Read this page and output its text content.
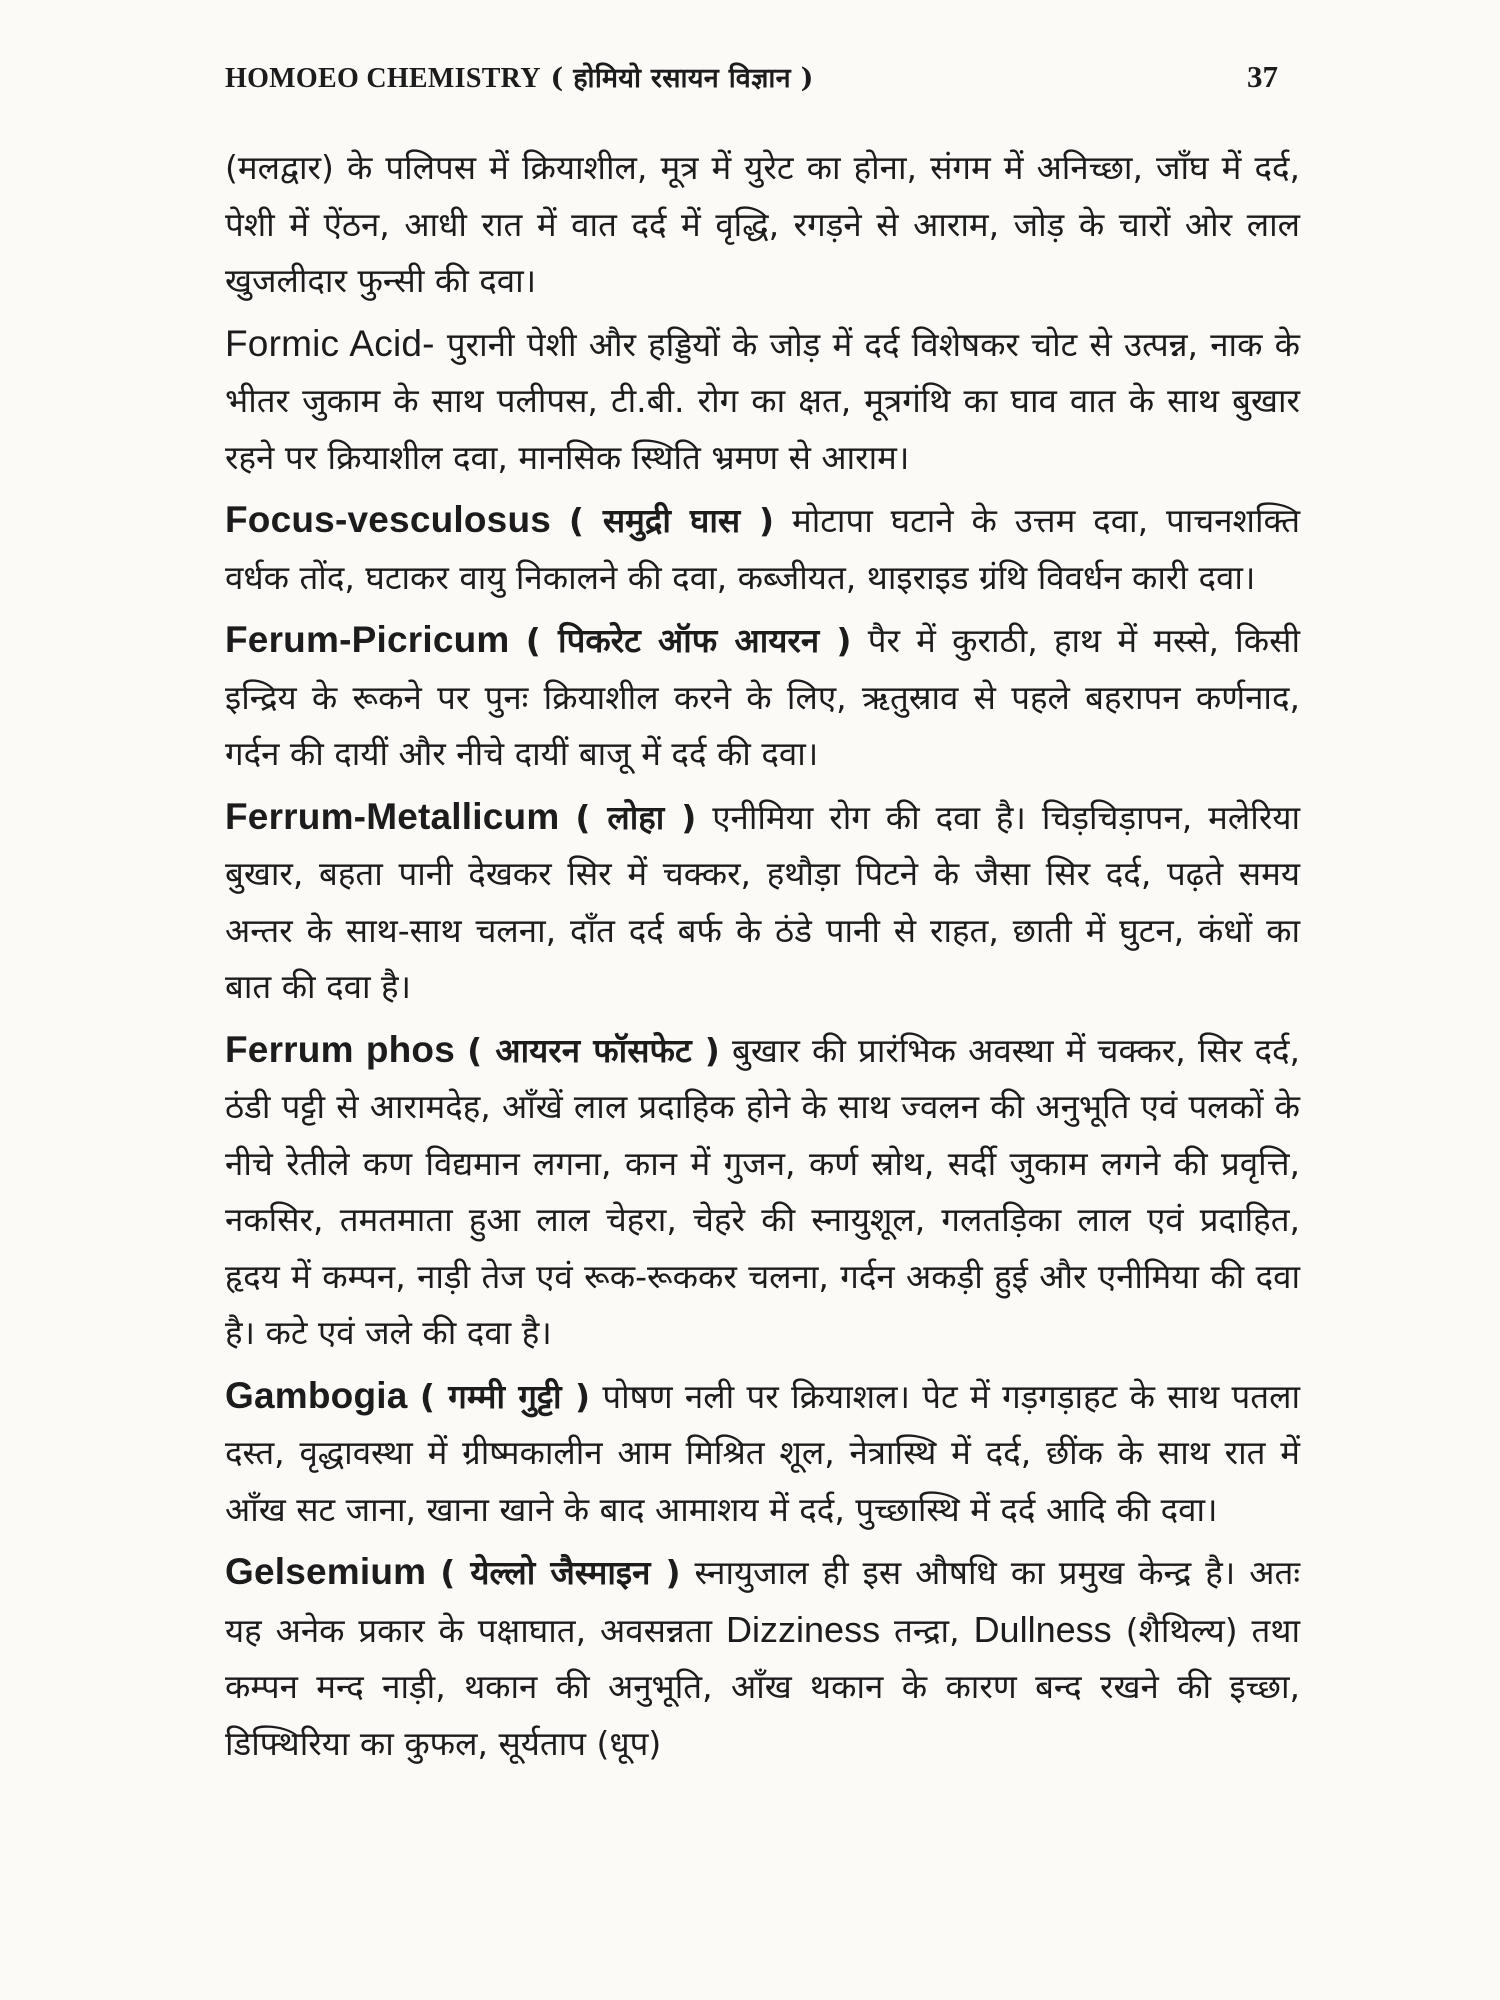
HOMOEO CHEMISTRY ( होमियो रसायन विज्ञान )	37

(मलद्वार) के पलिपस में क्रियाशील, मूत्र में युरेट का होना, संगम में अनिच्छा, जाँघ में दर्द, पेशी में ऐंठन, आधी रात में वात दर्द में वृद्धि, रगड़ने से आराम, जोड़ के चारों ओर लाल खुजलीदार फुन्सी की दवा।

Formic Acid- पुरानी पेशी और हड्डियों के जोड़ में दर्द विशेषकर चोट से उत्पन्न, नाक के भीतर जुकाम के साथ पलीपस, टी.बी. रोग का क्षत, मूत्रगंथि का घाव वात के साथ बुखार रहने पर क्रियाशील दवा, मानसिक स्थिति भ्रमण से आराम।

Focus-vesculosus ( समुद्री घास ) मोटापा घटाने के उत्तम दवा, पाचनशक्ति वर्धक तोंद, घटाकर वायु निकालने की दवा, कब्जीयत, थाइराइड ग्रंथि विवर्धन कारी दवा।

Ferum-Picricum ( पिकरेट ऑफ आयरन ) पैर में कुराठी, हाथ में मस्से, किसी इन्द्रिय के रूकने पर पुनः क्रियाशील करने के लिए, ऋतुस्राव से पहले बहरापन कर्णनाद, गर्दन की दायीं और नीचे दायीं बाजू में दर्द की दवा।

Ferrum-Metallicum ( लोहा ) एनीमिया रोग की दवा है। चिड़चिड़ापन, मलेरिया बुखार, बहता पानी देखकर सिर में चक्कर, हथौड़ा पिटने के जैसा सिर दर्द, पढ़ते समय अन्तर के साथ-साथ चलना, दाँत दर्द बर्फ के ठंडे पानी से राहत, छाती में घुटन, कंधों का बात की दवा है।

Ferrum phos ( आयरन फॉसफेट ) बुखार की प्रारंभिक अवस्था में चक्कर, सिर दर्द, ठंडी पट्टी से आरामदेह, आँखें लाल प्रदाहिक होने के साथ ज्वलन की अनुभूति एवं पलकों के नीचे रेतीले कण विद्यमान लगना, कान में गुजन, कर्ण स्रोथ, सर्दी जुकाम लगने की प्रवृत्ति, नकसिर, तमतमाता हुआ लाल चेहरा, चेहरे की स्नायुशूल, गलतड़िका लाल एवं प्रदाहित, हृदय में कम्पन, नाड़ी तेज एवं रूक-रूककर चलना, गर्दन अकड़ी हुई और एनीमिया की दवा है। कटे एवं जले की दवा है।

Gambogia ( गम्मी गुट्टी ) पोषण नली पर क्रियाशल। पेट में गड़गड़ाहट के साथ पतला दस्त, वृद्धावस्था में ग्रीष्मकालीन आम मिश्रित शूल, नेत्रास्थि में दर्द, छींक के साथ रात में आँख सट जाना, खाना खाने के बाद आमाशय में दर्द, पुच्छास्थि में दर्द आदि की दवा।

Gelsemium ( येल्लो जैस्माइन ) स्नायुजाल ही इस औषधि का प्रमुख केन्द्र है। अतः यह अनेक प्रकार के पक्षाघात, अवसन्नता Dizziness तन्द्रा, Dullness (शैथिल्य) तथा कम्पन मन्द नाड़ी, थकान की अनुभूति, आँख थकान के कारण बन्द रखने की इच्छा, डिफ्थिरिया का कुफल, सूर्यताप (धूप)
